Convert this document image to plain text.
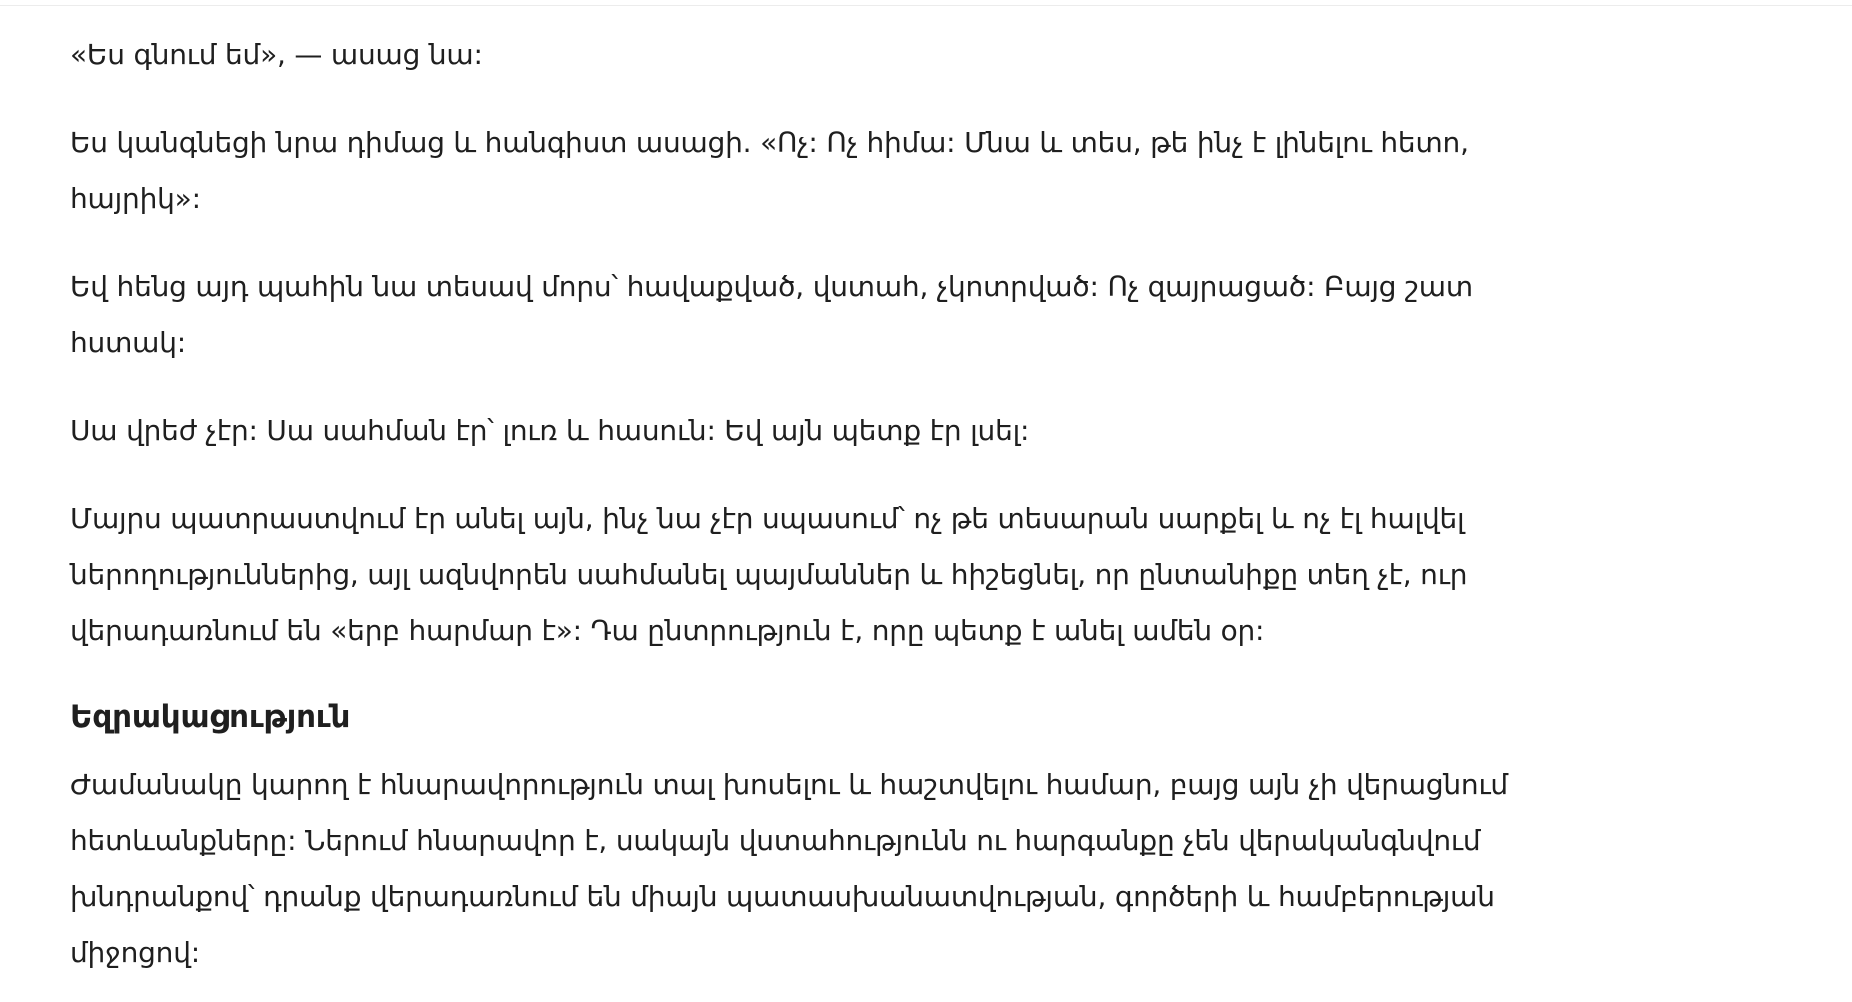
«Ես գնում եմ», — ասաց նա:

Ես կանգնեցի նրա դիմաց և հանգիստ ասացի. «Ոչ: Ոչ հիմա: Մնա և տես, թե ինչ է լինելու հետո,
հայրիկ»:

Եվ հենց այդ պահին նա տեսավ մորս՝ հավաքված, վստահ, չկոտրված: Ոչ զայրացած: Բայց շատ
հստակ:

Սա վրեժ չէր: Սա սահման էր՝ լուռ և հասուն: Եվ այն պետք էր լսել:

Մայրս պատրաստվում էր անել այն, ինչ նա չէր սպասում՝ ոչ թե տեսարան սարքել և ոչ էլ հալվել
ներողություններից, այլ ազնվորեն սահմանել պայմաններ և հիշեցնել, որ ընտանիքը տեղ չէ, ուր
վերադառնում են «երբ հարմար է»: Դա ընտրություն է, որը պետք է անել ամեն օր:

Եզրակացություն

Ժամանակը կարող է հնարավորություն տալ խոսելու և հաշտվելու համար, բայց այն չի վերացնում
հետևանքները: Ներում հնարավոր է, սակայն վստահությունն ու հարգանքը չեն վերականգնվում
խնդրանքով՝ դրանք վերադառնում են միայն պատասխանատվության, գործերի և համբերության
միջոցով:
